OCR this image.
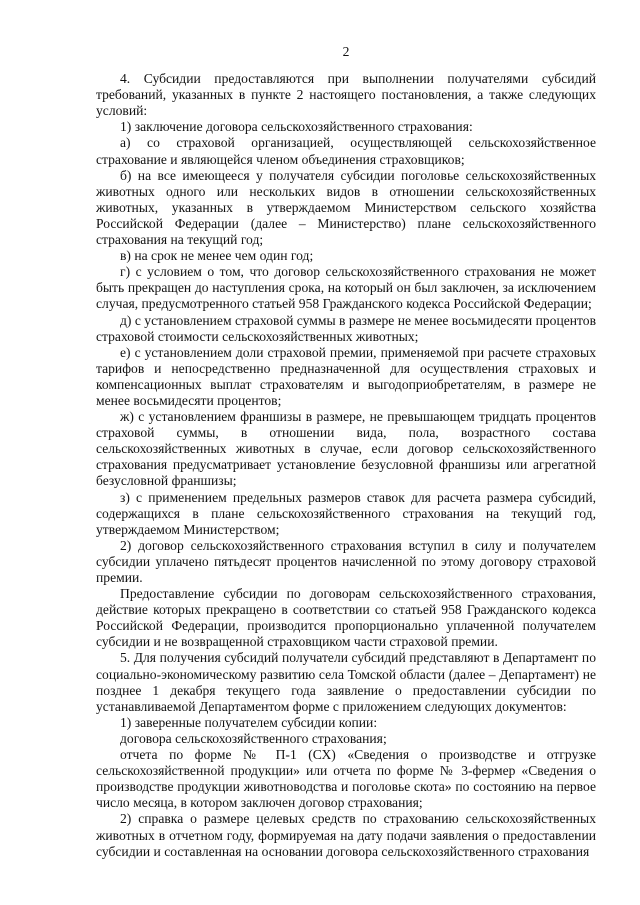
2

4. Субсидии предоставляются при выполнении получателями субсидий требований, указанных в пункте 2 настоящего постановления, а также следующих условий:

1) заключение договора сельскохозяйственного страхования:

а) со страховой организацией, осуществляющей сельскохозяйственное страхование и являющейся членом объединения страховщиков;

б) на все имеющееся у получателя субсидии поголовье сельскохозяйственных животных одного или нескольких видов в отношении сельскохозяйственных животных, указанных в утверждаемом Министерством сельского хозяйства Российской Федерации (далее – Министерство) плане сельскохозяйственного страхования на текущий год;

в) на срок не менее чем один год;

г) с условием о том, что договор сельскохозяйственного страхования не может быть прекращен до наступления срока, на который он был заключен, за исключением случая, предусмотренного статьей 958 Гражданского кодекса Российской Федерации;

д) с установлением страховой суммы в размере не менее восьмидесяти процентов страховой стоимости сельскохозяйственных животных;

е) с установлением доли страховой премии, применяемой при расчете страховых тарифов и непосредственно предназначенной для осуществления страховых и компенсационных выплат страхователям и выгодоприобретателям, в размере не менее восьмидесяти процентов;

ж) с установлением франшизы в размере, не превышающем тридцать процентов страховой суммы, в отношении вида, пола, возрастного состава сельскохозяйственных животных в случае, если договор сельскохозяйственного страхования предусматривает установление безусловной франшизы или агрегатной безусловной франшизы;

з) с применением предельных размеров ставок для расчета размера субсидий, содержащихся в плане сельскохозяйственного страхования на текущий год, утверждаемом Министерством;

2) договор сельскохозяйственного страхования вступил в силу и получателем субсидии уплачено пятьдесят процентов начисленной по этому договору страховой премии.

Предоставление субсидии по договорам сельскохозяйственного страхования, действие которых прекращено в соответствии со статьей 958 Гражданского кодекса Российской Федерации, производится пропорционально уплаченной получателем субсидии и не возвращенной страховщиком части страховой премии.

5. Для получения субсидий получатели субсидий представляют в Департамент по социально-экономическому развитию села Томской области (далее – Департамент) не позднее 1 декабря текущего года заявление о предоставлении субсидии по устанавливаемой Департаментом форме с приложением следующих документов:

1) заверенные получателем субсидии копии:

договора сельскохозяйственного страхования;

отчета по форме № П-1 (СХ) «Сведения о производстве и отгрузке сельскохозяйственной продукции» или отчета по форме № 3-фермер «Сведения о производстве продукции животноводства и поголовье скота» по состоянию на первое число месяца, в котором заключен договор страхования;

2) справка о размере целевых средств по страхованию сельскохозяйственных животных в отчетном году, формируемая на дату подачи заявления о предоставлении субсидии и составленная на основании договора сельскохозяйственного страхования
